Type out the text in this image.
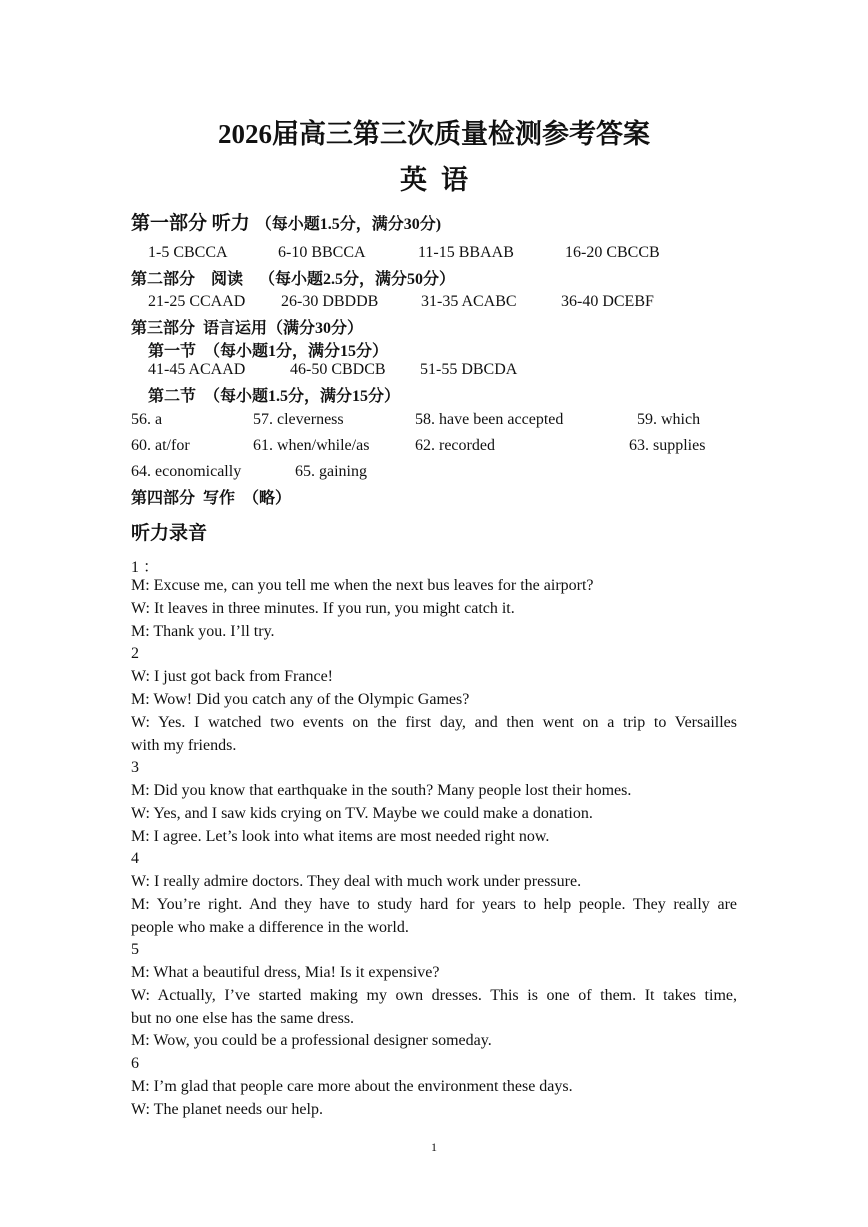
2026届高三第三次质量检测参考答案
英语
第一部分 听力 （每小题1.5分，满分30分)
1-5 CBCCA	6-10 BBCCA	11-15 BBAAB	16-20 CBCCB
第二部分    阅读    （每小题2.5分，满分50分）
21-25 CCAAD 26-30 DBDDB	31-35 ACABC	36-40 DCEBF
第三部分  语言运用（满分30分）
第一节  （每小题1分，满分15分）
41-45 ACAAD	46-50 CBDCB 51-55 DBCDA
第二节  （每小题1.5分，满分15分）
56. a	57. cleverness	58. have been accepted	59. which
60. at/for	61. when/while/as	62. recorded	63. supplies
64. economically	65. gaining
第四部分  写作  （略）
听力录音
1 ：
M: Excuse me, can you tell me when the next bus leaves for the airport?
W: It leaves in three minutes. If you run, you might catch it.
M: Thank you. I’ll try.
2
W: I just got back from France!
M: Wow! Did you catch any of the Olympic Games?
W: Yes. I watched two events on the first day, and then went on a trip to Versailles
with my friends.
3
M: Did you know that earthquake in the south? Many people lost their homes.
W: Yes, and I saw kids crying on TV. Maybe we could make a donation.
M: I agree. Let’s look into what items are most needed right now.
4
W: I really admire doctors. They deal with much work under pressure.
M: You’re right. And they have to study hard for years to help people. They really are
people who make a difference in the world.
5
M: What a beautiful dress, Mia! Is it expensive?
W: Actually, I’ve started making my own dresses. This is one of them. It takes time,
but no one else has the same dress.
M: Wow, you could be a professional designer someday.
6
M: I’m glad that people care more about the environment these days.
W: The planet needs our help.
1
